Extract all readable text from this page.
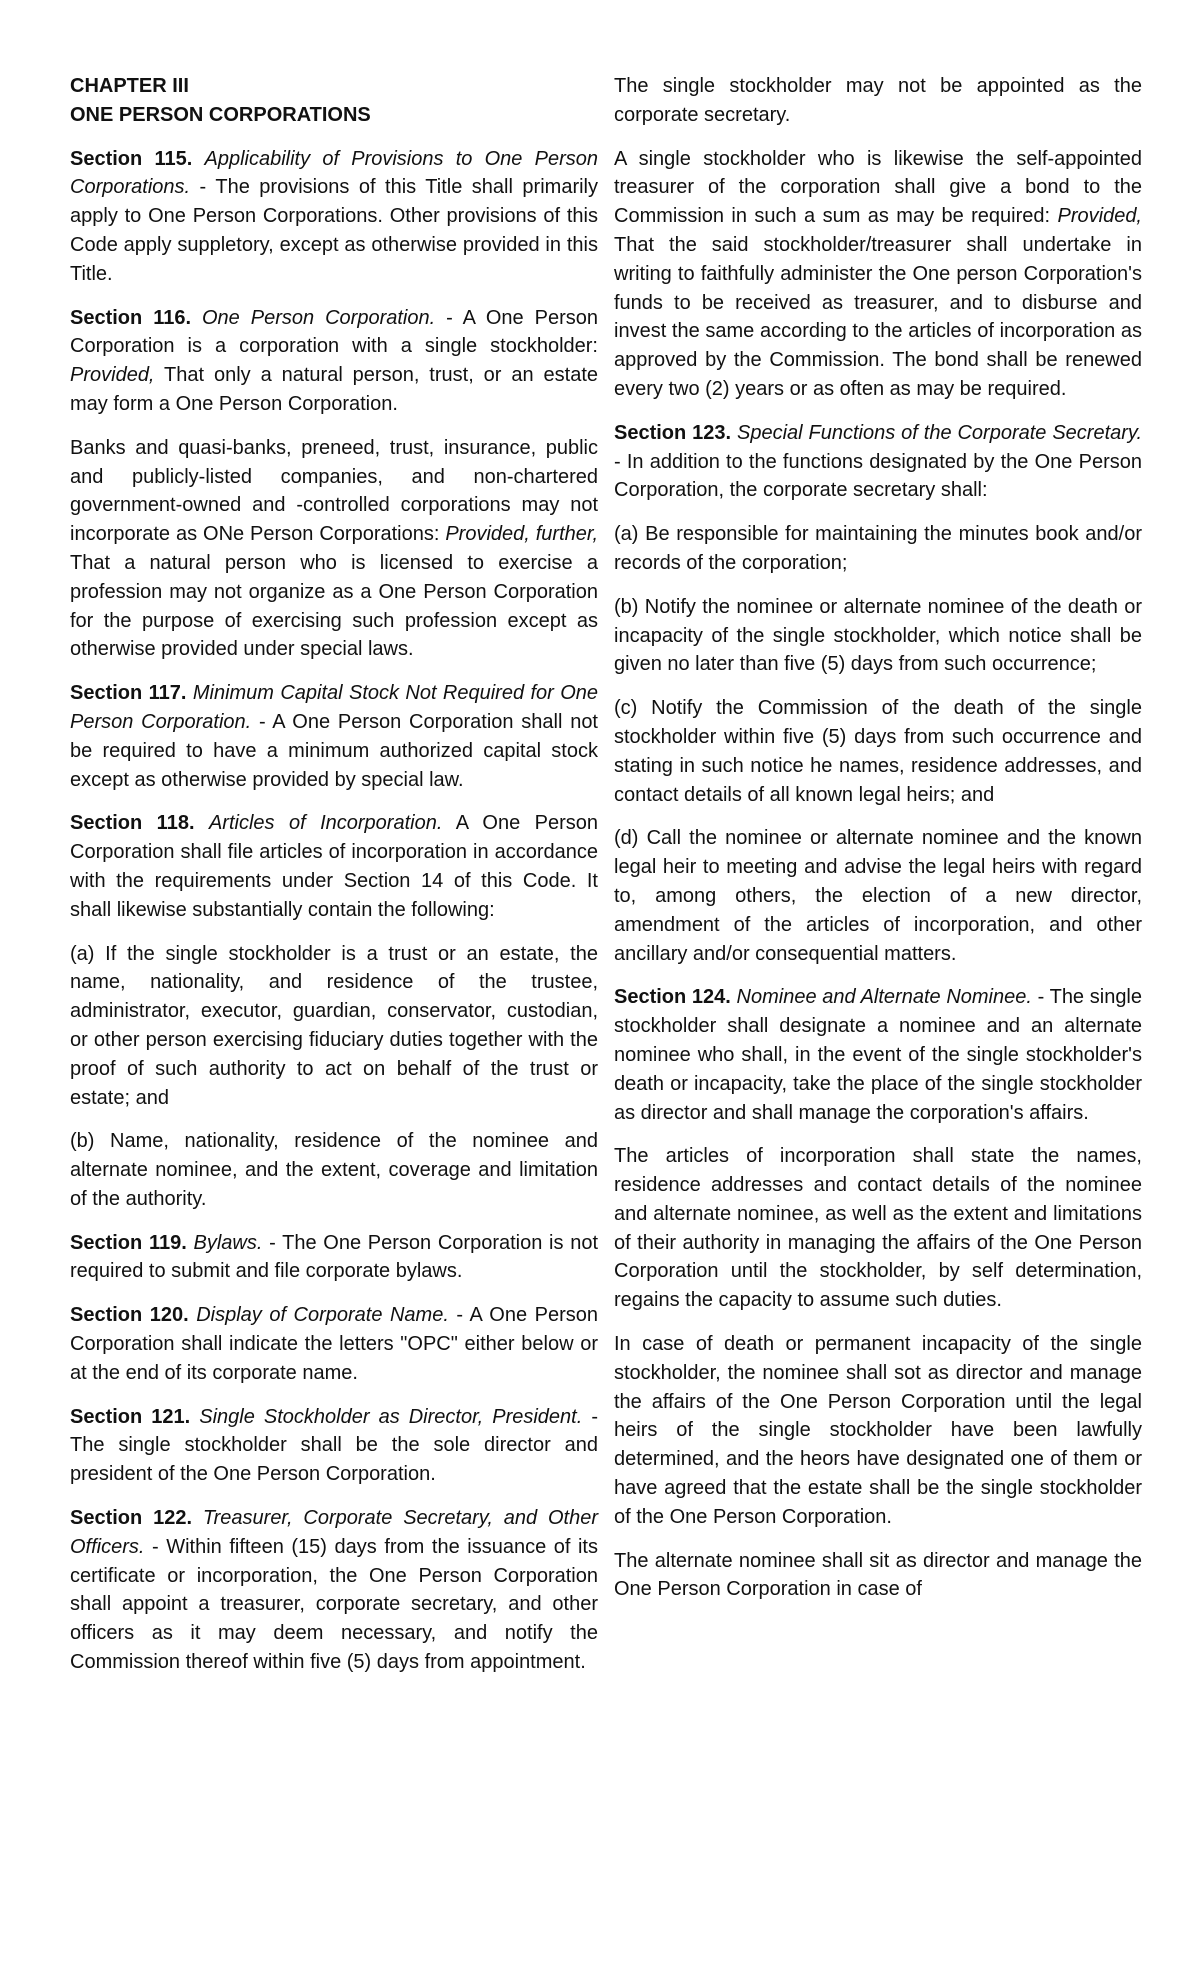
CHAPTER III
ONE PERSON CORPORATIONS

Section 115. Applicability of Provisions to One Person Corporations. - The provisions of this Title shall primarily apply to One Person Corporations. Other provisions of this Code apply suppletory, except as otherwise provided in this Title.

Section 116. One Person Corporation. - A One Person Corporation is a corporation with a single stockholder: Provided, That only a natural person, trust, or an estate may form a One Person Corporation.

Banks and quasi-banks, preneed, trust, insurance, public and publicly-listed companies, and non-chartered government-owned and -controlled corporations may not incorporate as ONe Person Corporations: Provided, further, That a natural person who is licensed to exercise a profession may not organize as a One Person Corporation for the purpose of exercising such profession except as otherwise provided under special laws.

Section 117. Minimum Capital Stock Not Required for One Person Corporation. - A One Person Corporation shall not be required to have a minimum authorized capital stock except as otherwise provided by special law.

Section 118. Articles of Incorporation. A One Person Corporation shall file articles of incorporation in accordance with the requirements under Section 14 of this Code. It shall likewise substantially contain the following:

(a) If the single stockholder is a trust or an estate, the name, nationality, and residence of the trustee, administrator, executor, guardian, conservator, custodian, or other person exercising fiduciary duties together with the proof of such authority to act on behalf of the trust or estate; and

(b) Name, nationality, residence of the nominee and alternate nominee, and the extent, coverage and limitation of the authority.

Section 119. Bylaws. - The One Person Corporation is not required to submit and file corporate bylaws.

Section 120. Display of Corporate Name. - A One Person Corporation shall indicate the letters "OPC" either below or at the end of its corporate name.

Section 121. Single Stockholder as Director, President. - The single stockholder shall be the sole director and president of the One Person Corporation.

Section 122. Treasurer, Corporate Secretary, and Other Officers. - Within fifteen (15) days from the issuance of its certificate or incorporation, the One Person Corporation shall appoint a treasurer, corporate secretary, and other officers as it may deem necessary, and notify the Commission thereof within five (5) days from appointment.

The single stockholder may not be appointed as the corporate secretary.

A single stockholder who is likewise the self-appointed treasurer of the corporation shall give a bond to the Commission in such a sum as may be required: Provided, That the said stockholder/treasurer shall undertake in writing to faithfully administer the One person Corporation's funds to be received as treasurer, and to disburse and invest the same according to the articles of incorporation as approved by the Commission. The bond shall be renewed every two (2) years or as often as may be required.

Section 123. Special Functions of the Corporate Secretary. - In addition to the functions designated by the One Person Corporation, the corporate secretary shall:

(a) Be responsible for maintaining the minutes book and/or records of the corporation;

(b) Notify the nominee or alternate nominee of the death or incapacity of the single stockholder, which notice shall be given no later than five (5) days from such occurrence;

(c) Notify the Commission of the death of the single stockholder within five (5) days from such occurrence and stating in such notice he names, residence addresses, and contact details of all known legal heirs; and

(d) Call the nominee or alternate nominee and the known legal heir to meeting and advise the legal heirs with regard to, among others, the election of a new director, amendment of the articles of incorporation, and other ancillary and/or consequential matters.

Section 124. Nominee and Alternate Nominee. - The single stockholder shall designate a nominee and an alternate nominee who shall, in the event of the single stockholder's death or incapacity, take the place of the single stockholder as director and shall manage the corporation's affairs.

The articles of incorporation shall state the names, residence addresses and contact details of the nominee and alternate nominee, as well as the extent and limitations of their authority in managing the affairs of the One Person Corporation until the stockholder, by self determination, regains the capacity to assume such duties.

In case of death or permanent incapacity of the single stockholder, the nominee shall sot as director and manage the affairs of the One Person Corporation until the legal heirs of the single stockholder have been lawfully determined, and the heors have designated one of them or have agreed that the estate shall be the single stockholder of the One Person Corporation.

The alternate nominee shall sit as director and manage the One Person Corporation in case of
